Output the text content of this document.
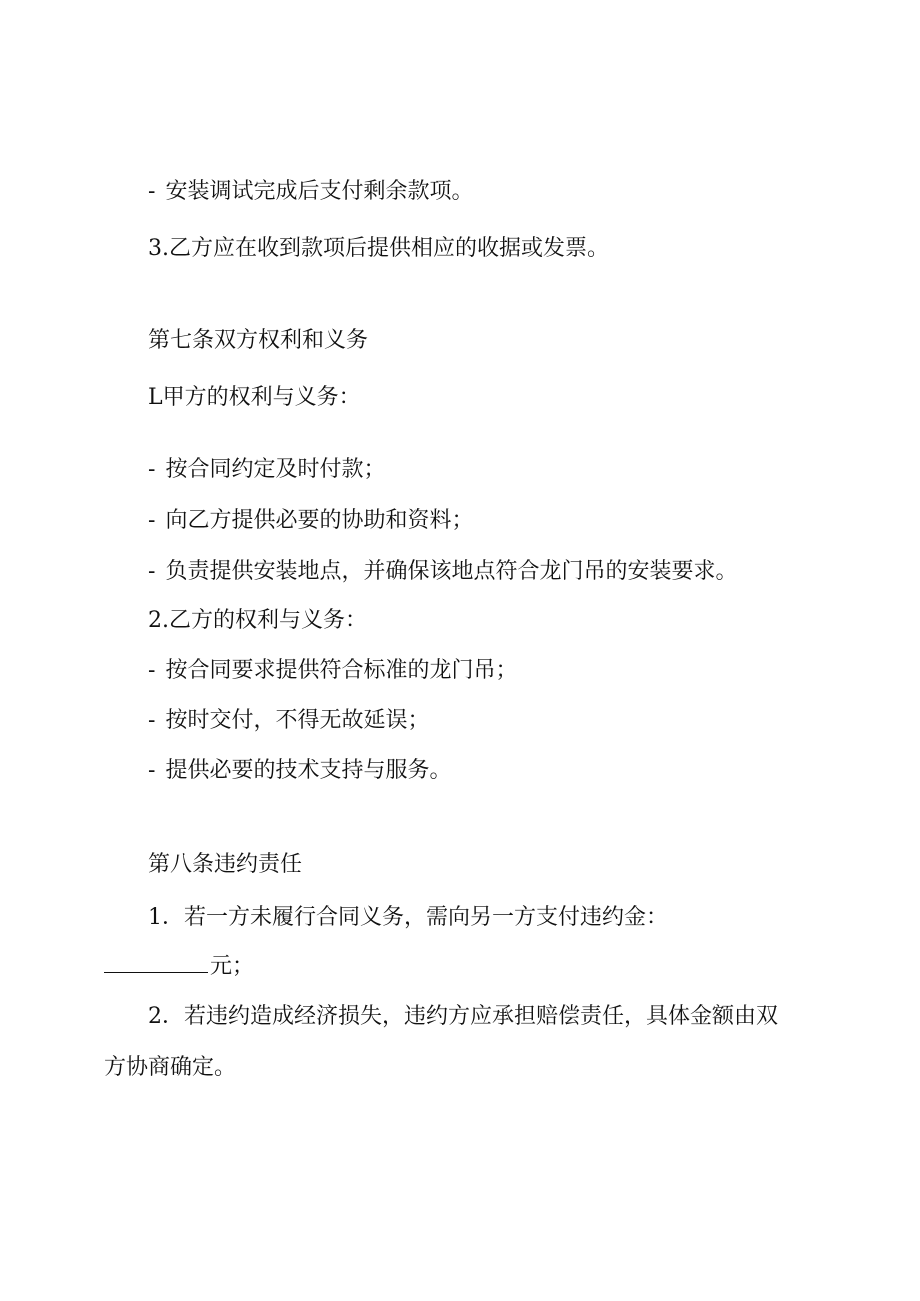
- 安装调试完成后支付剩余款项。
3.乙方应在收到款项后提供相应的收据或发票。
第七条双方权利和义务
L甲方的权利与义务：
- 按合同约定及时付款；
- 向乙方提供必要的协助和资料；
- 负责提供安装地点，并确保该地点符合龙门吊的安装要求。
2.乙方的权利与义务：
- 按合同要求提供符合标准的龙门吊；
- 按时交付，不得无故延误；
- 提供必要的技术支持与服务。
第八条违约责任
1．若一方未履行合同义务，需向另一方支付违约金：
元；
2．若违约造成经济损失，违约方应承担赔偿责任，具体金额由双
方协商确定。
